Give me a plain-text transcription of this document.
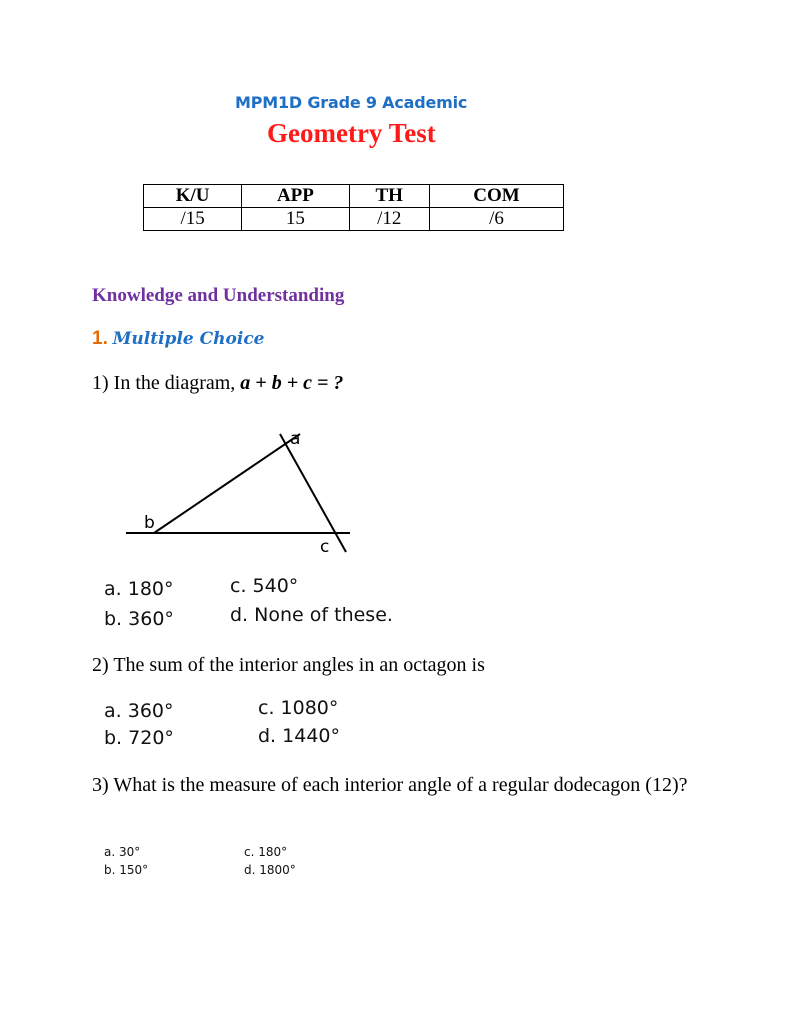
MPM1D Grade 9 Academic
Geometry Test
K/U	APP	TH	COM
/15	15	/12	/6
Knowledge and Understanding
1. Multiple Choice
1) In the diagram, a + b + c = ?
a
b
c
a. 180°
b. 360°
c. 540°
d. None of these.
2) The sum of the interior angles in an octagon is
a. 360°
b. 720°
c. 1080°
d. 1440°
3) What is the measure of each interior angle of a regular dodecagon (12)?
a. 30°
b. 150°
c. 180°
d. 1800°
